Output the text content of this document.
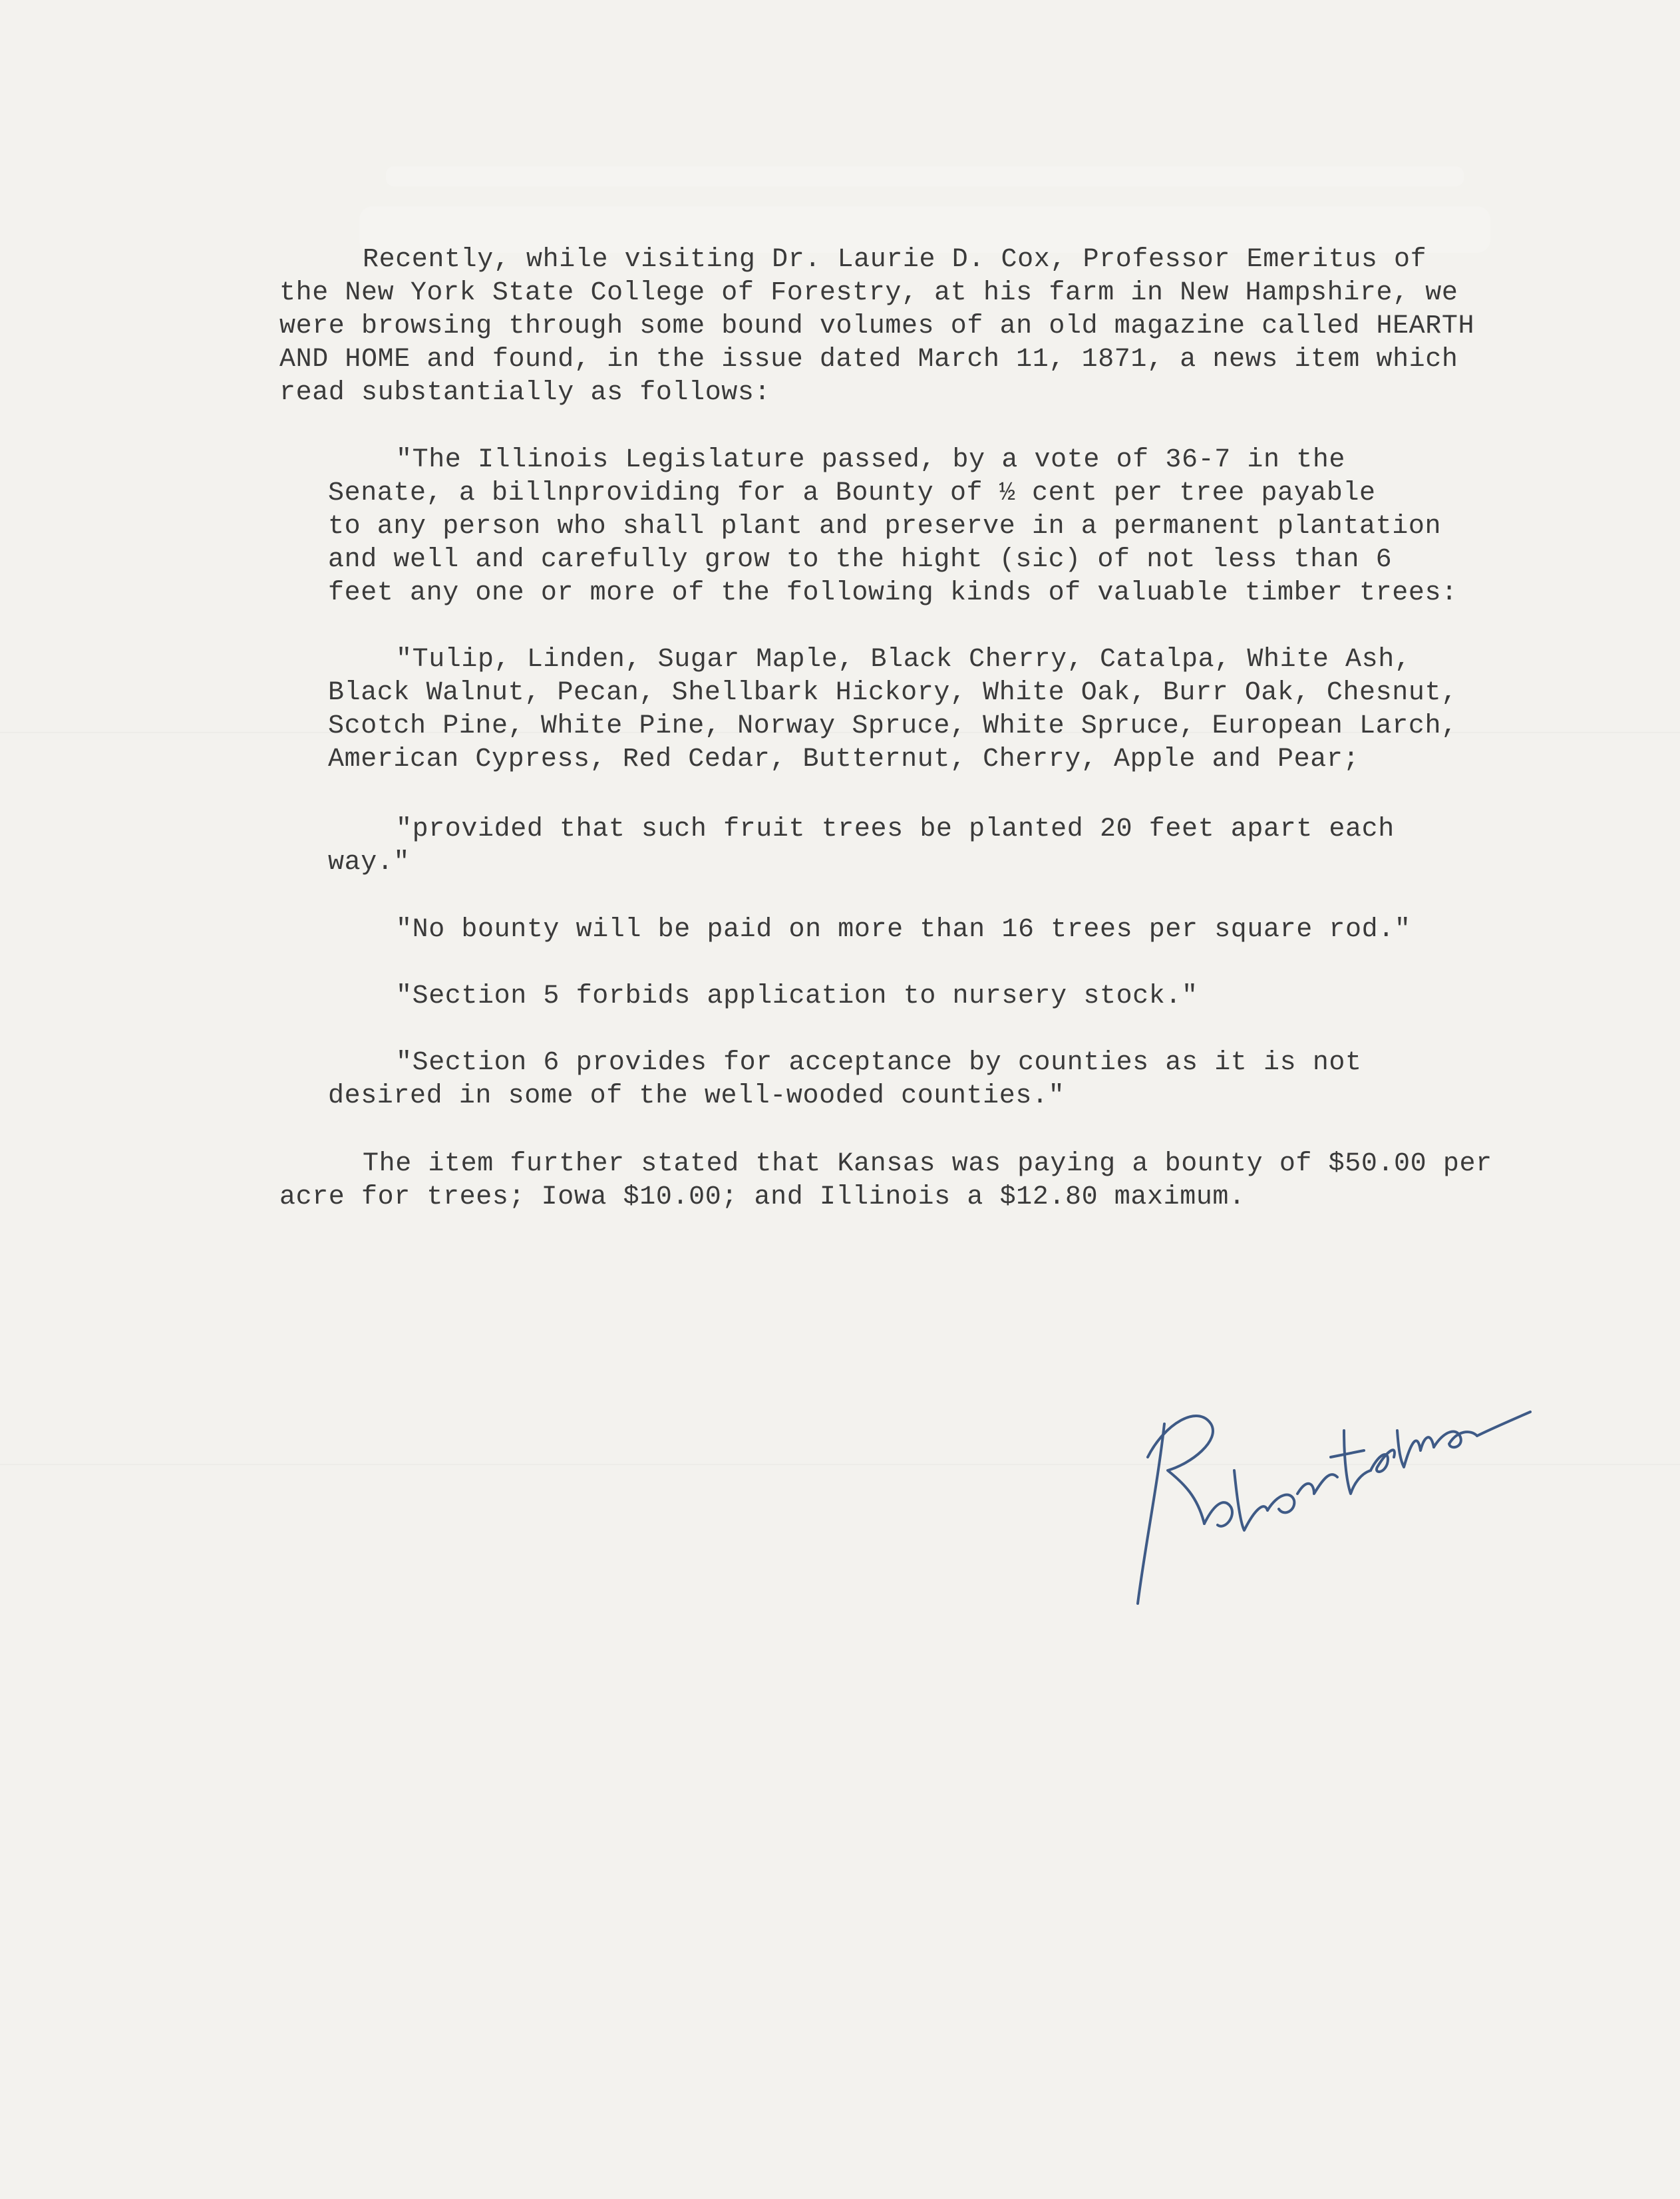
Recently, while visiting Dr. Laurie D. Cox, Professor Emeritus of
the New York State College of Forestry, at his farm in New Hampshire, we
were browsing through some bound volumes of an old magazine called HEARTH
AND HOME and found, in the issue dated March 11, 1871, a news item which
read substantially as follows:
"The Illinois Legislature passed, by a vote of 36-7 in the
Senate, a billnproviding for a Bounty of ½ cent per tree payable
to any person who shall plant and preserve in a permanent plantation
and well and carefully grow to the hight (sic) of not less than 6
feet any one or more of the following kinds of valuable timber trees:
"Tulip, Linden, Sugar Maple, Black Cherry, Catalpa, White Ash,
Black Walnut, Pecan, Shellbark Hickory, White Oak, Burr Oak, Chesnut,
Scotch Pine, White Pine, Norway Spruce, White Spruce, European Larch,
American Cypress, Red Cedar, Butternut, Cherry, Apple and Pear;
"provided that such fruit trees be planted 20 feet apart each
way."
"No bounty will be paid on more than 16 trees per square rod."
"Section 5 forbids application to nursery stock."
"Section 6 provides for acceptance by counties as it is not
desired in some of the well-wooded counties."
The item further stated that Kansas was paying a bounty of $50.00 per
acre for trees; Iowa $10.00; and Illinois a $12.80 maximum.
